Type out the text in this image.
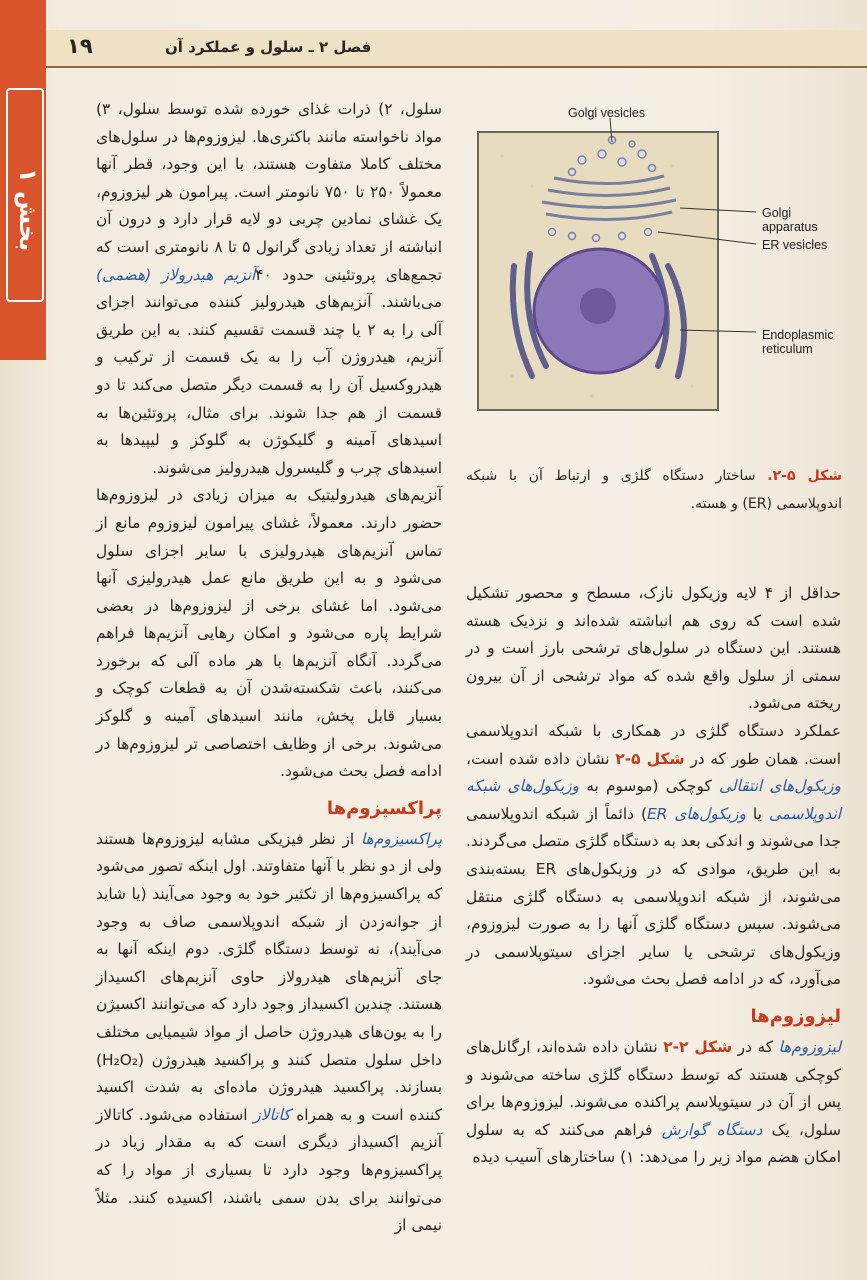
۱۹	فصل ۲ ـ سلول و عملکرد آن
بخش ۱
Golgi vesicles
Golgi
apparatus
ER vesicles
Endoplasmic
reticulum
شکل ۵-۲. ساختار دستگاه گلژی و ارتباط آن با شبکه اندوپلاسمی (ER) و هسته.

حداقل از ۴ لایه وزیکول نازک، مسطح و محصور تشکیل شده است که روی هم انباشته شده‌اند و نزدیک هسته هستند. این دستگاه در سلول‌های ترشحی بارز است و در سمتی از سلول واقع شده که مواد ترشحی از آن بیرون ریخته می‌شود.

عملکرد دستگاه گلژی در همکاری با شبکه اندوپلاسمی است. همان طور که در شکل ۵-۲ نشان داده شده است، وزیکول‌های انتقالی کوچکی (موسوم به وزیکول‌های شبکه اندوپلاسمی یا وزیکول‌های ER) دائماً از شبکه اندوپلاسمی جدا می‌شوند و اندکی بعد به دستگاه گلژی متصل می‌گردند. به این طریق، موادی که در وزیکول‌های ER بسته‌بندی می‌شوند، از شبکه اندوپلاسمی به دستگاه گلژی منتقل می‌شوند. سپس دستگاه گلژی آنها را به صورت لیزوزوم، وزیکول‌های ترشحی یا سایر اجزای سیتوپلاسمی در می‌آورد، که در ادامه فصل بحث می‌شود.

لیزوزوم‌ها

لیزوزوم‌ها که در شکل ۲-۲ نشان داده شده‌اند، ارگانل‌های کوچکی هستند که توسط دستگاه گلژی ساخته می‌شوند و پس از آن در سیتوپلاسم پراکنده می‌شوند. لیزوزوم‌ها برای سلول، یک دستگاه گوارش فراهم می‌کنند که به سلول امکان هضم مواد زیر را می‌دهد: ۱) ساختارهای آسیب دیده

سلول، ۲) ذرات غذای خورده شده توسط سلول، ۳) مواد ناخواسته مانند باکتری‌ها. لیزوزوم‌ها در سلول‌های مختلف کاملا متفاوت هستند، با این وجود، قطر آنها معمولاً ۲۵۰ تا ۷۵۰ نانومتر است. پیرامون هر لیزوزوم، یک غشای نمادین چربی دو لایه قرار دارد و درون آن انباشته از تعداد زیادی گرانول ۵ تا ۸ نانومتری است که تجمع‌های پروتئینی حدود ۴۰آنزیم هیدرولاز (هضمی) می‌باشند. آنزیم‌های هیدرولیز کننده می‌توانند اجزای آلی را به ۲ یا چند قسمت تقسیم کنند. به این طریق آنزیم، هیدروژن آب را به یک قسمت از ترکیب و هیدروکسیل آن را به قسمت دیگر متصل می‌کند تا دو قسمت از هم جدا شوند. برای مثال، پروتئین‌ها به اسیدهای آمینه و گلیکوژن به گلوکز و لیپیدها به اسیدهای چرب و گلیسرول هیدرولیز می‌شوند.

آنزیم‌های هیدرولیتیک به میزان زیادی در لیزوزوم‌ها حضور دارند. معمولاً، غشای پیرامون لیزوزوم مانع از تماس آنزیم‌های هیدرولیزی با سایر اجزای سلول می‌شود و به این طریق مانع عمل هیدرولیزی آنها می‌شود. اما غشای برخی از لیزوزوم‌ها در بعضی شرایط پاره می‌شود و امکان رهایی آنزیم‌ها فراهم می‌گردد. آنگاه آنزیم‌ها با هر ماده آلی که برخورد می‌کنند، باعث شکسته‌شدن آن به قطعات کوچک و بسیار قابل پخش، مانند اسیدهای آمینه و گلوکز می‌شوند. برخی از وظایف اختصاصی تر لیزوزوم‌ها در ادامه فصل بحث می‌شود.

پراکسیزوم‌ها

پراکسیزوم‌ها از نظر فیزیکی مشابه لیزوزوم‌ها هستند ولی از دو نظر با آنها متفاوتند. اول اینکه تصور می‌شود که پراکسیزوم‌ها از تکثیر خود به وجود می‌آیند (یا شاید از جوانه‌زدن از شبکه اندوپلاسمی صاف به وجود می‌آیند)، نه توسط دستگاه گلژی. دوم اینکه آنها به جای آنزیم‌های هیدرولاز حاوی آنزیم‌های اکسیداز هستند. چندین اکسیداز وجود دارد که می‌توانند اکسیژن را به یون‌های هیدروژن حاصل از مواد شیمیایی مختلف داخل سلول متصل کنند و پراکسید هیدروژن (H₂O₂) بسازند. پراکسید هیدروژن ماده‌ای به شدت اکسید کننده است و به همراه کاتالاز استفاده می‌شود. کاتالاز آنزیم اکسیداز دیگری است که به مقدار زیاد در پراکسیزوم‌ها وجود دارد تا بسیاری از مواد را که می‌توانند برای بدن سمی باشند، اکسیده کنند. مثلاً نیمی از
